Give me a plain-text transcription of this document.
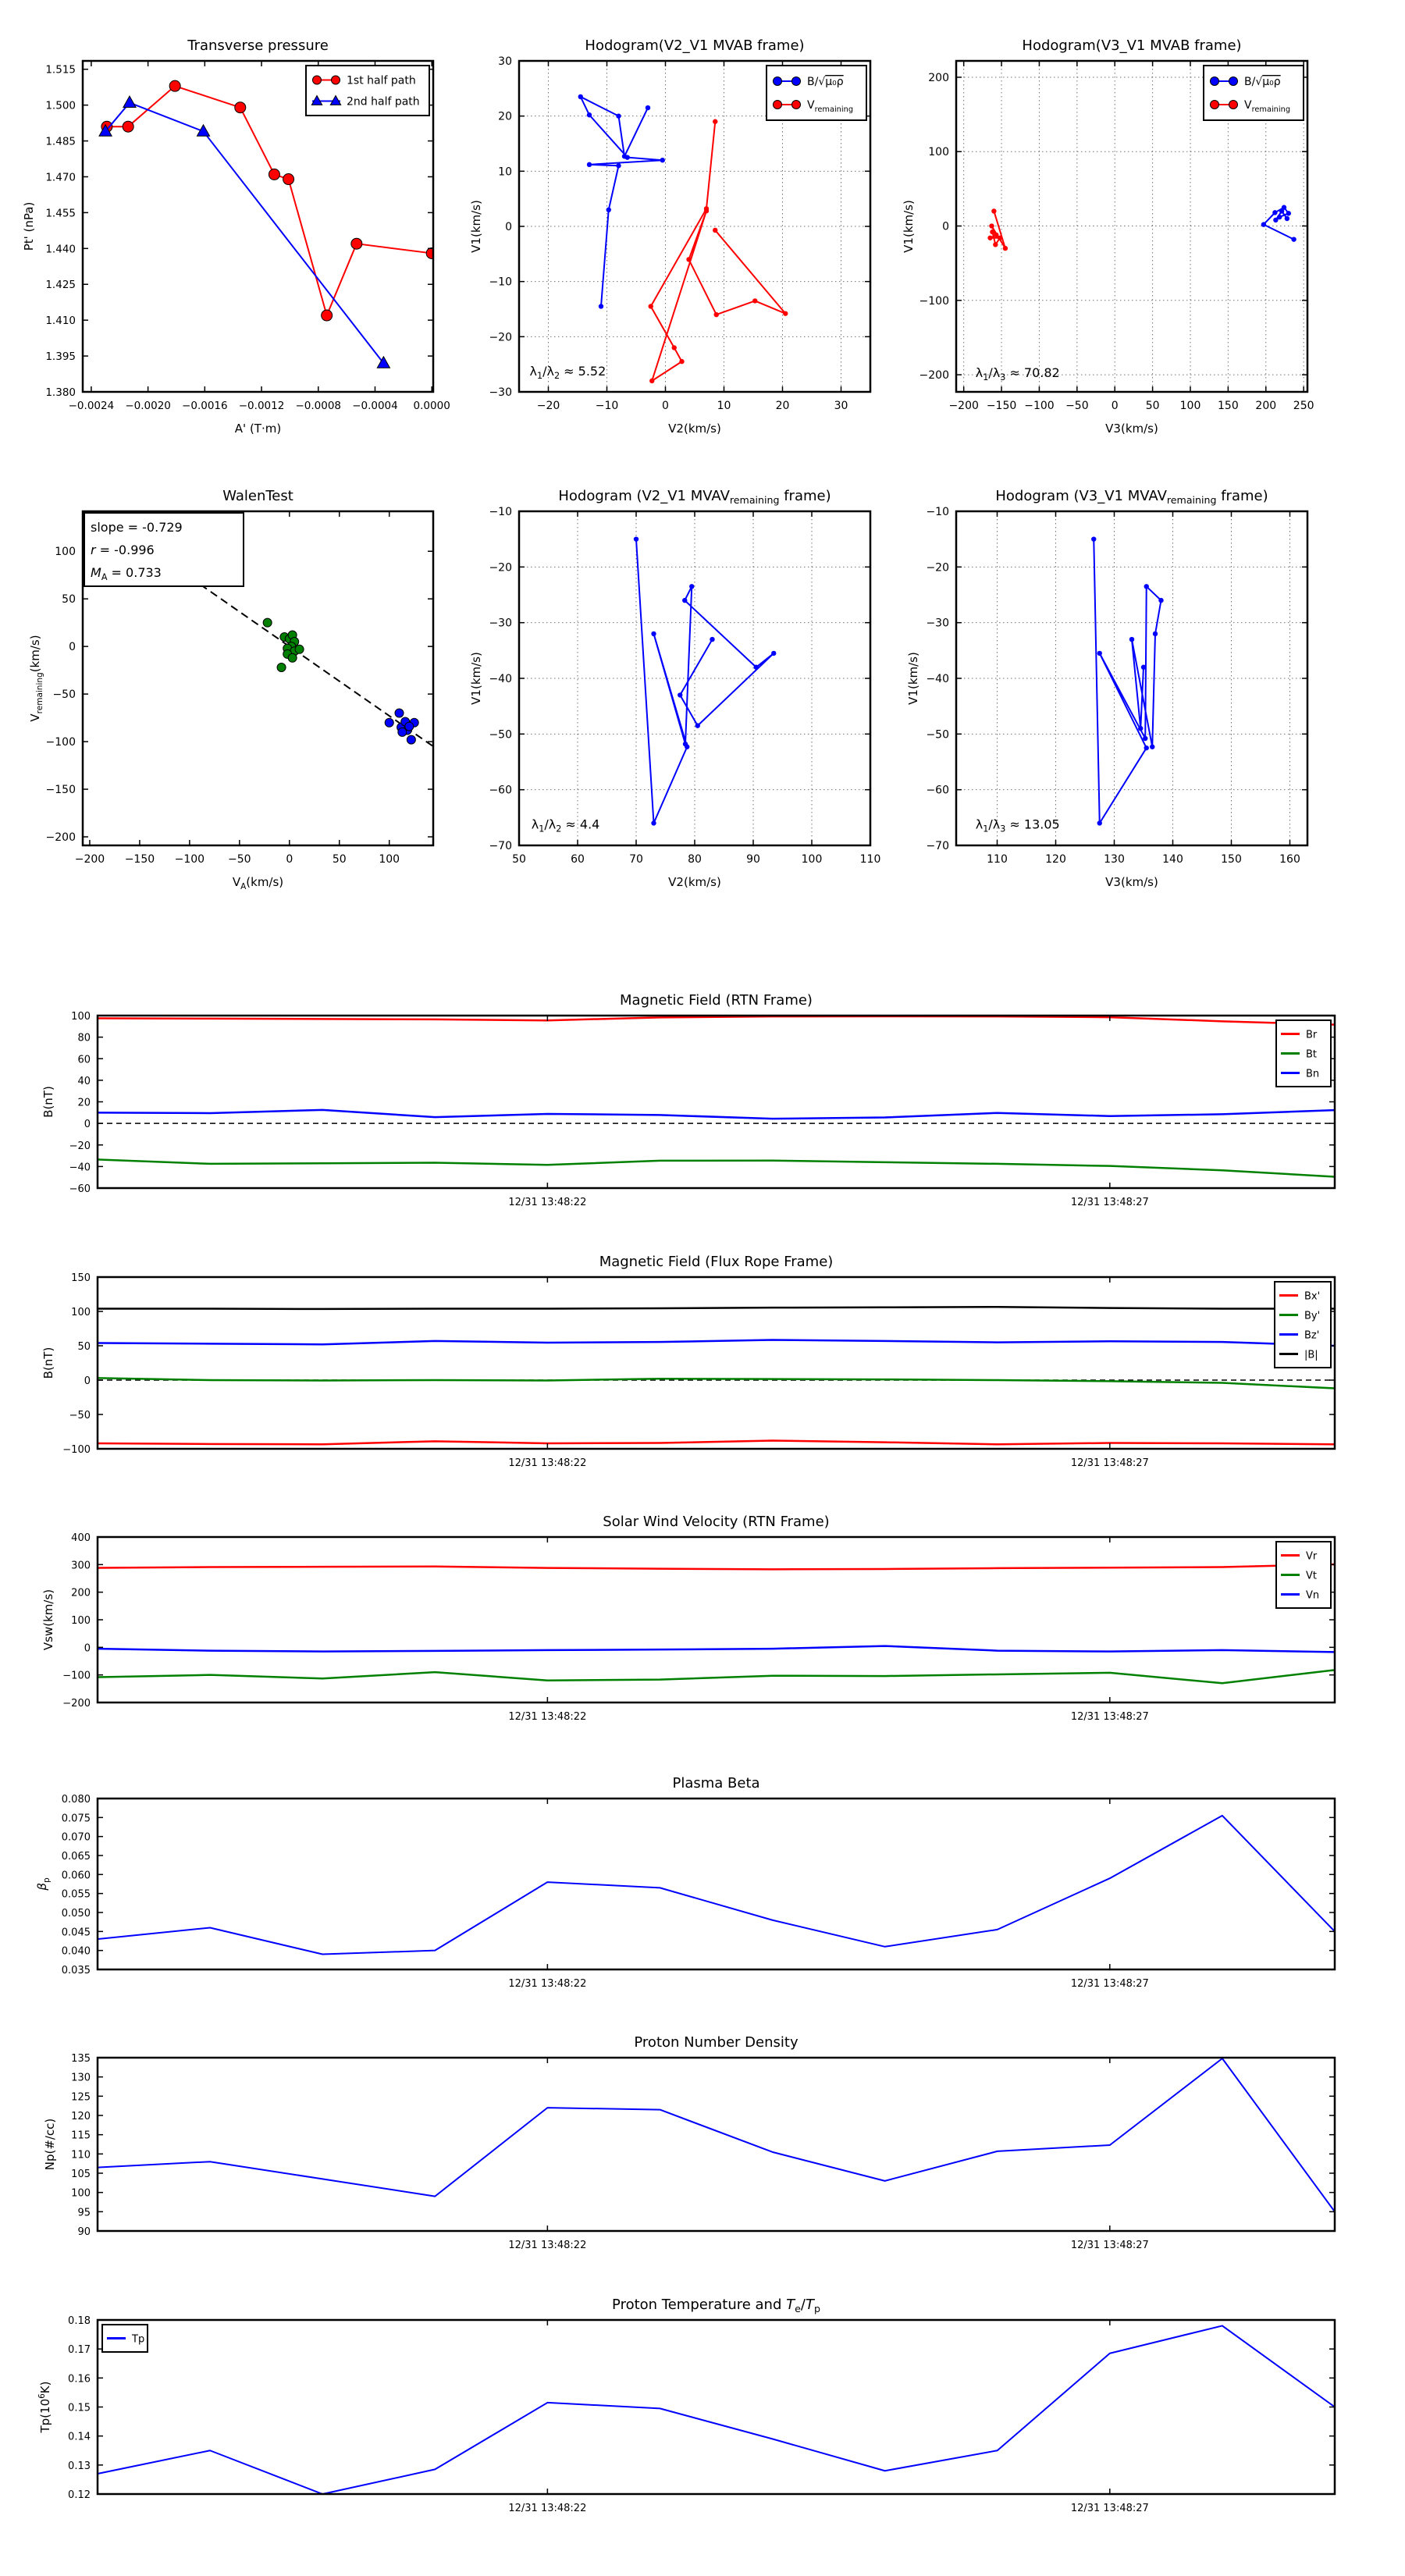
−0.0024 −0.0020 −0.0016 −0.0012 −0.0008 −0.0004 0.0000
1.380
1.395
1.410
1.425
1.440
1.455
1.470
1.485
1.500
1.515
Transverse pressure
A' (T·m)
Pt' (nPa)
1st half path
2nd half path
−20	−10	0	10	20	30
−30
−20
−10
0
10
20
30
Hodogram(V2_V1 MVAB frame)
V2(km/s)
V1(km/s)
$\lambda_1/\lambda_2 \approx 5.52$
B/√μ₀ρ
$V_{remaining}$
−200 −150 −100 −50 0	50 100 150 200 250
−200
−100
0
100
200
Hodogram(V3_V1 MVAB frame)
V3(km/s)
V1(km/s)
$\lambda_1/\lambda_3 \approx 70.82$
B/√μ₀ρ
$V_{remaining}$
−200 −150 −100 −50	0	50	100
−200
−150
−100
−50
0
50
100
WalenTest
$V_A(km/s)$
$V_{remaining}(km/s)$
slope = -0.729
r = -0.996
$M_A = 0.733$
50	60	70	80	90	100	110
−70
−60
−50
−40
−30
−20
−10
Hodogram (V2_V1 $MVAV_{remaining}$ frame)
V2(km/s)
V1(km/s)
$\lambda_1/\lambda_2 \approx 4.4$
110	120	130	140	150	160
−70
−60
−50
−40
−30
−20
−10
Hodogram (V3_V1 $MVAV_{remaining}$ frame)
V3(km/s)
V1(km/s)
$\lambda_1/\lambda_3 \approx 13.05$
12/31 13:48:22	12/31 13:48:27
−60
−40
−20
0
20
40
60
80
100
Magnetic Field (RTN Frame)
B(nT)
Br
Bt
Bn
12/31 13:48:22	12/31 13:48:27
−100
−50
0
50
100
150
Magnetic Field (Flux Rope Frame)
B(nT)
Bx'
By'
Bz'
|B|
12/31 13:48:22	12/31 13:48:27
−200
−100
0
100
200
300
400
Solar Wind Velocity (RTN Frame)
Vsw(km/s)
Vr
Vt
Vn
12/31 13:48:22	12/31 13:48:27
0.035
0.040
0.045
0.050
0.055
0.060
0.065
0.070
0.075
0.080
Plasma Beta
$\beta_p$
12/31 13:48:22	12/31 13:48:27
90
95
100
105
110
115
120
125
130
135
Proton Number Density
Np(#/cc)
12/31 13:48:22	12/31 13:48:27
0.12
0.13
0.14
0.15
0.16
0.17
0.18
Proton Temperature and $T_e/T_p$
$Tp(10^6K)$
Tp
